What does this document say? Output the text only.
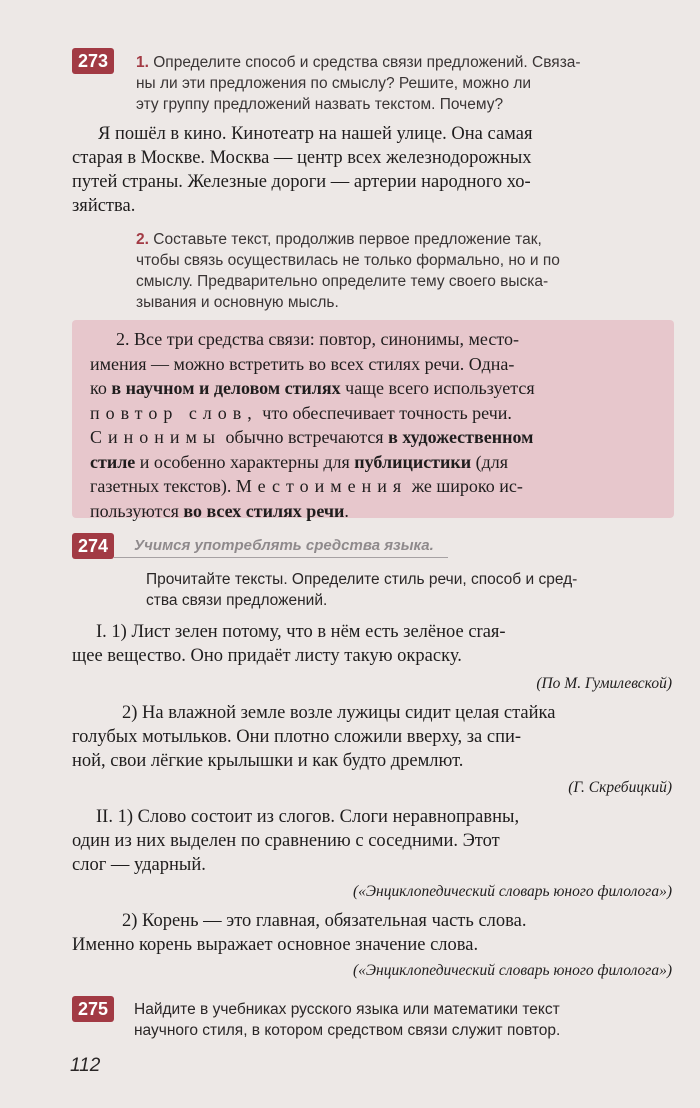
273	1. Определите способ и средства связи предложений. Связа-
ны ли эти предложения по смыслу? Решите, можно ли
эту группу предложений назвать текстом. Почему?
Я пошёл в кино. Кинотеатр на нашей улице. Она самая
старая в Москве. Москва — центр всех железнодорожных
путей страны. Железные дороги — артерии народного хо-
зяйства.
2. Составьте текст, продолжив первое предложение так,
чтобы связь осуществилась не только формально, но и по
смыслу. Предварительно определите тему своего выска-
зывания и основную мысль.
2. Все три средства связи: повтор, синонимы, место-
имения — можно встретить во всех стилях речи. Одна-
ко в научном и деловом стилях чаще всего используется
повтор слов, что обеспечивает точность речи.
Синонимы обычно встречаются в художественном
стиле и особенно характерны для публицистики (для
газетных текстов). Местоимения же широко ис-
пользуются во всех стилях речи.
274	Учимся употреблять средства языка.
Прочитайте тексты. Определите стиль речи, способ и сред-
ства связи предложений.
I. 1) Лист зелен потому, что в нём есть зелёное craя-
щее вещество. Оно придаёт листу такую окраску.
(По М. Гумилевской)
2) На влажной земле возле лужицы сидит целая стайка
голубых мотыльков. Они плотно сложили вверху, за спи-
ной, свои лёгкие крылышки и как будто дремлют.
(Г. Скребицкий)
II. 1) Слово состоит из слогов. Слоги неравноправны,
один из них выделен по сравнению с соседними. Этот
слог — ударный.
(«Энциклопедический словарь юного филолога»)
2) Корень — это главная, обязательная часть слова.
Именно корень выражает основное значение слова.
(«Энциклопедический словарь юного филолога»)
275	Найдите в учебниках русского языка или математики текст
научного стиля, в котором средством связи служит повтор.
112
